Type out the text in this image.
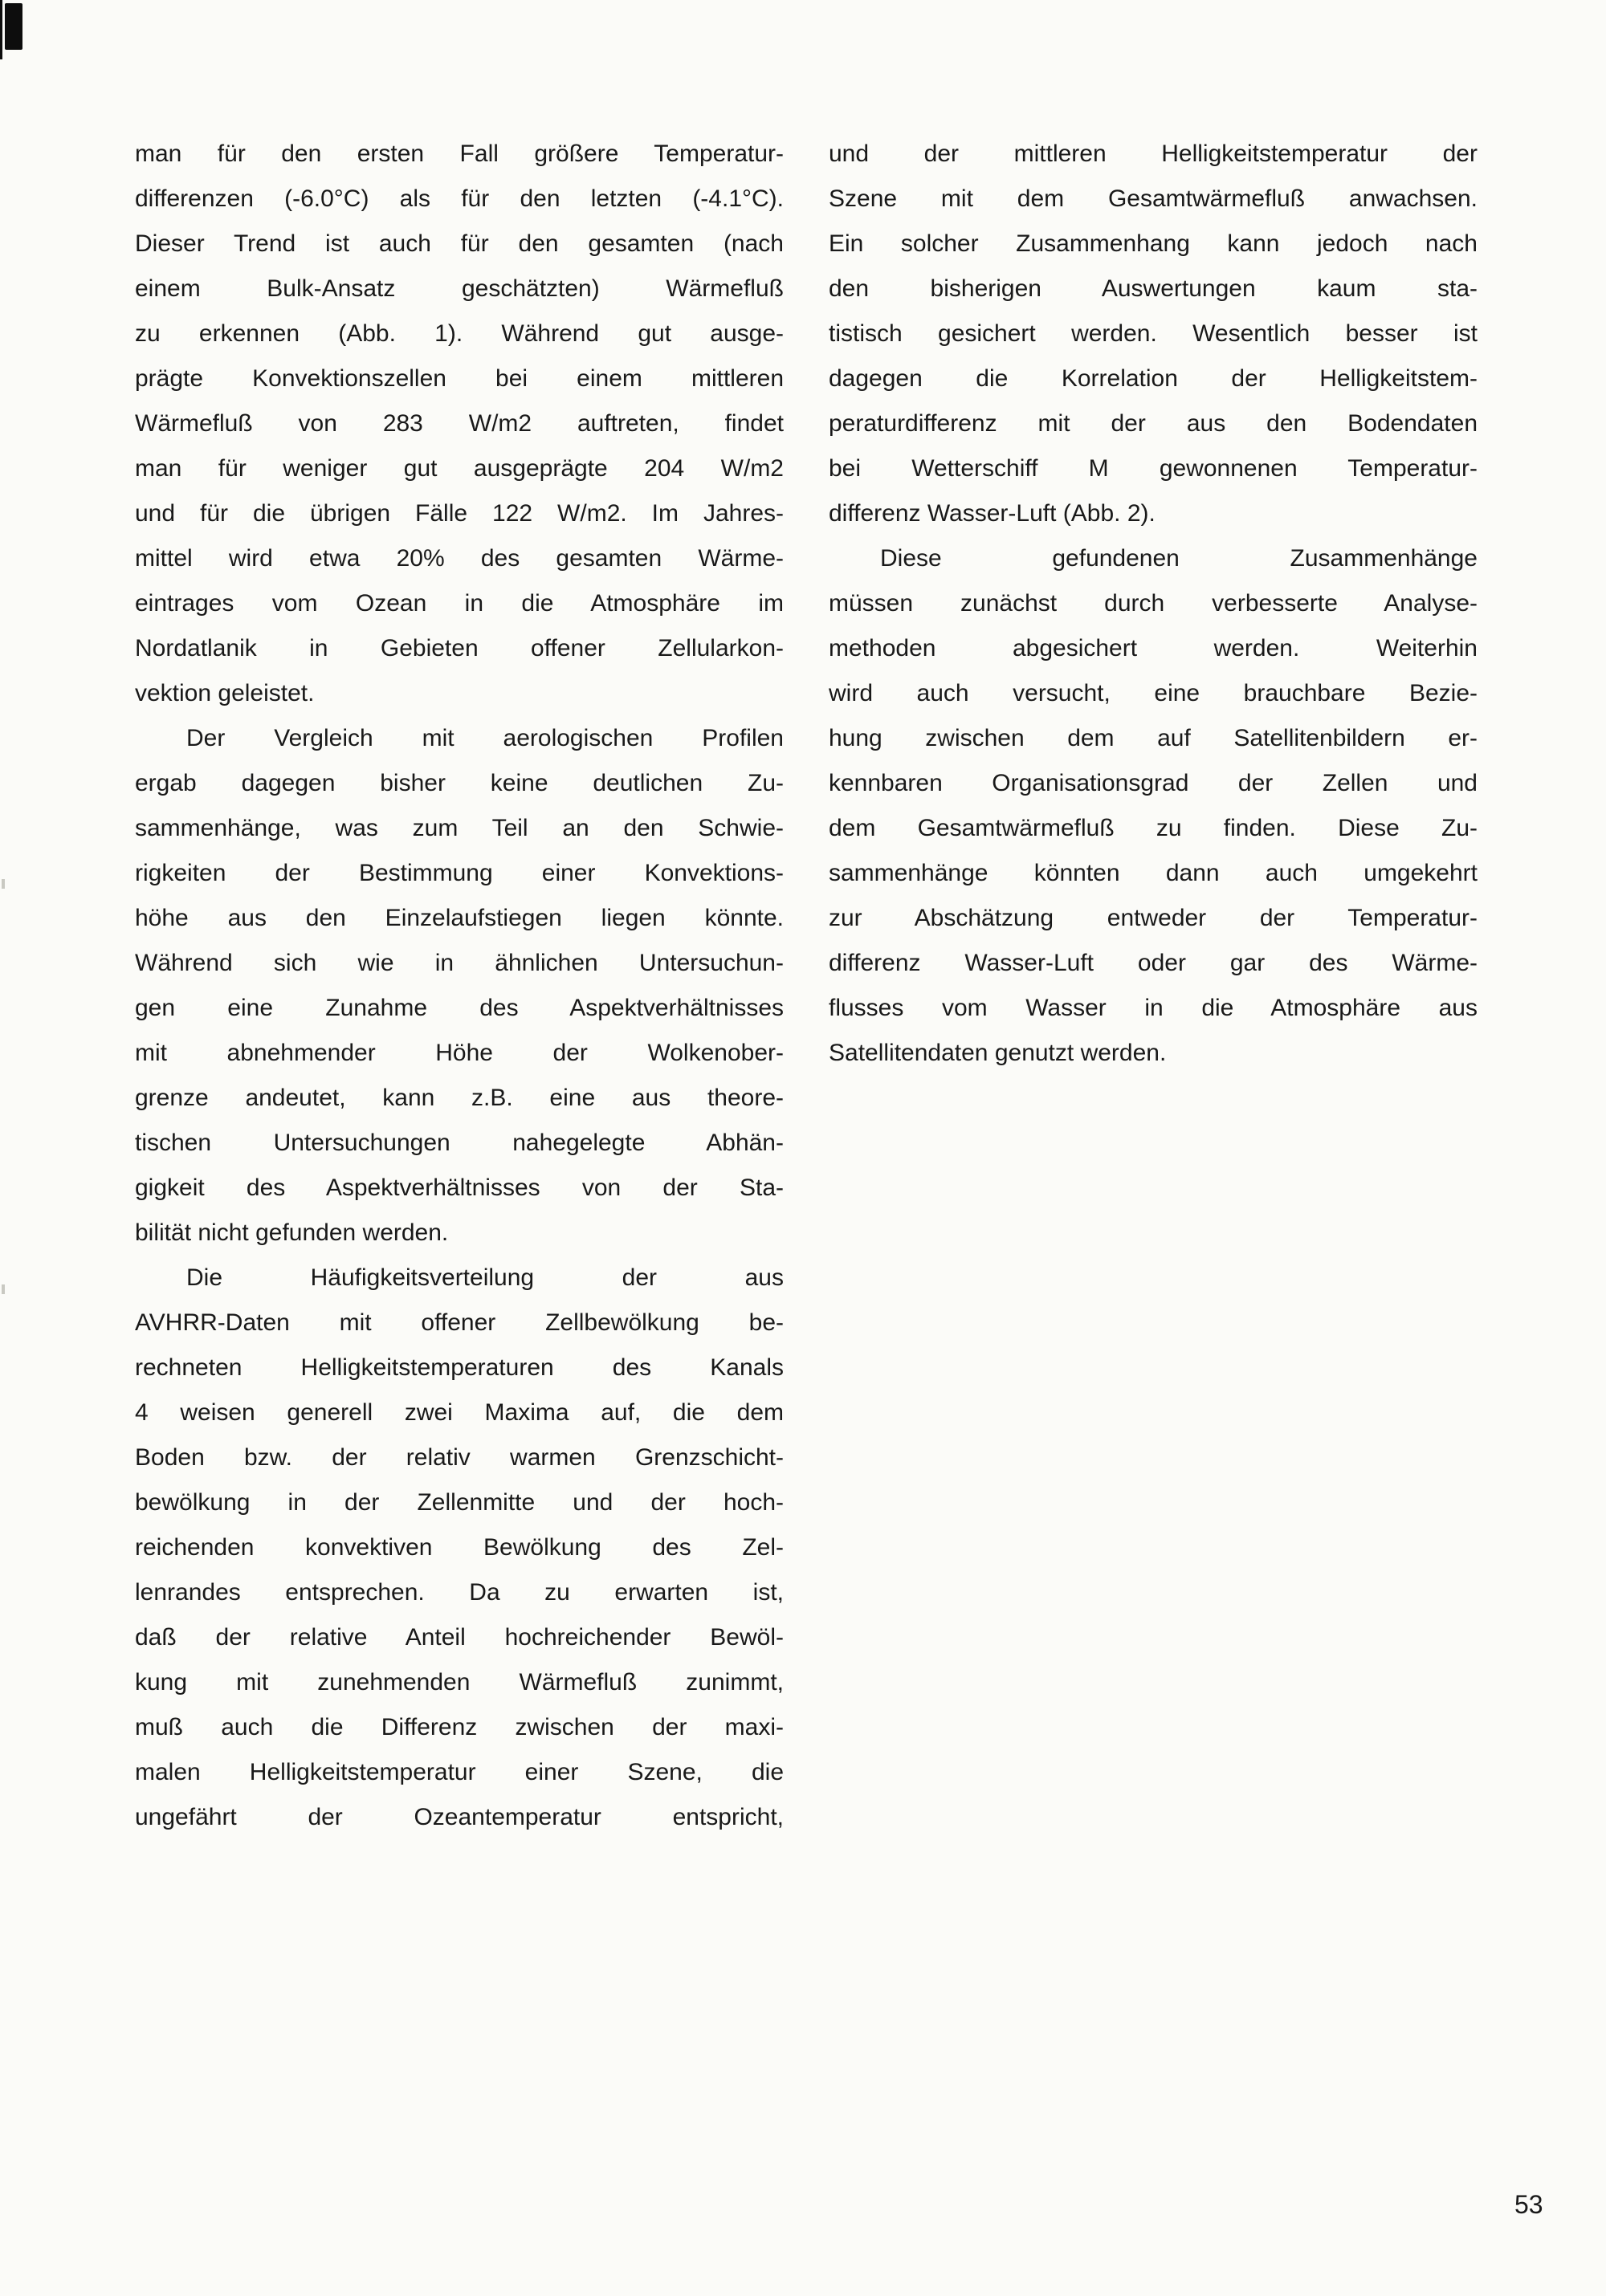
man für den ersten Fall größere Temperatur-
differenzen (-6.0°C) als für den letzten (-4.1°C).
Dieser Trend ist auch für den gesamten (nach
einem Bulk-Ansatz geschätzten) Wärmefluß
zu erkennen (Abb. 1). Während gut ausge-
prägte Konvektionszellen bei einem mittleren
Wärmefluß von 283 W/m2 auftreten, findet
man für weniger gut ausgeprägte 204 W/m2
und für die übrigen Fälle 122 W/m2. Im Jahres-
mittel wird etwa 20% des gesamten Wärme-
eintrages vom Ozean in die Atmosphäre im
Nordatlanik in Gebieten offener Zellularkon-
vektion geleistet.
Der Vergleich mit aerologischen Profilen
ergab dagegen bisher keine deutlichen Zu-
sammenhänge, was zum Teil an den Schwie-
rigkeiten der Bestimmung einer Konvektions-
höhe aus den Einzelaufstiegen liegen könnte.
Während sich wie in ähnlichen Untersuchun-
gen eine Zunahme des Aspektverhältnisses
mit abnehmender Höhe der Wolkenober-
grenze andeutet, kann z.B. eine aus theore-
tischen Untersuchungen nahegelegte Abhän-
gigkeit des Aspektverhältnisses von der Sta-
bilität nicht gefunden werden.
Die Häufigkeitsverteilung der aus
AVHRR-Daten mit offener Zellbewölkung be-
rechneten Helligkeitstemperaturen des Kanals
4 weisen generell zwei Maxima auf, die dem
Boden bzw. der relativ warmen Grenzschicht-
bewölkung in der Zellenmitte und der hoch-
reichenden konvektiven Bewölkung des Zel-
lenrandes entsprechen. Da zu erwarten ist,
daß der relative Anteil hochreichender Bewöl-
kung mit zunehmenden Wärmefluß zunimmt,
muß auch die Differenz zwischen der maxi-
malen Helligkeitstemperatur einer Szene, die
ungefährt der Ozeantemperatur entspricht,
und der mittleren Helligkeitstemperatur der
Szene mit dem Gesamtwärmefluß anwachsen.
Ein solcher Zusammenhang kann jedoch nach
den bisherigen Auswertungen kaum sta-
tistisch gesichert werden. Wesentlich besser ist
dagegen die Korrelation der Helligkeitstem-
peraturdifferenz mit der aus den Bodendaten
bei Wetterschiff M gewonnenen Temperatur-
differenz Wasser-Luft (Abb. 2).
Diese gefundenen Zusammenhänge
müssen zunächst durch verbesserte Analyse-
methoden abgesichert werden. Weiterhin
wird auch versucht, eine brauchbare Bezie-
hung zwischen dem auf Satellitenbildern er-
kennbaren Organisationsgrad der Zellen und
dem Gesamtwärmefluß zu finden. Diese Zu-
sammenhänge könnten dann auch umgekehrt
zur Abschätzung entweder der Temperatur-
differenz Wasser-Luft oder gar des Wärme-
flusses vom Wasser in die Atmosphäre aus
Satellitendaten genutzt werden.
53
